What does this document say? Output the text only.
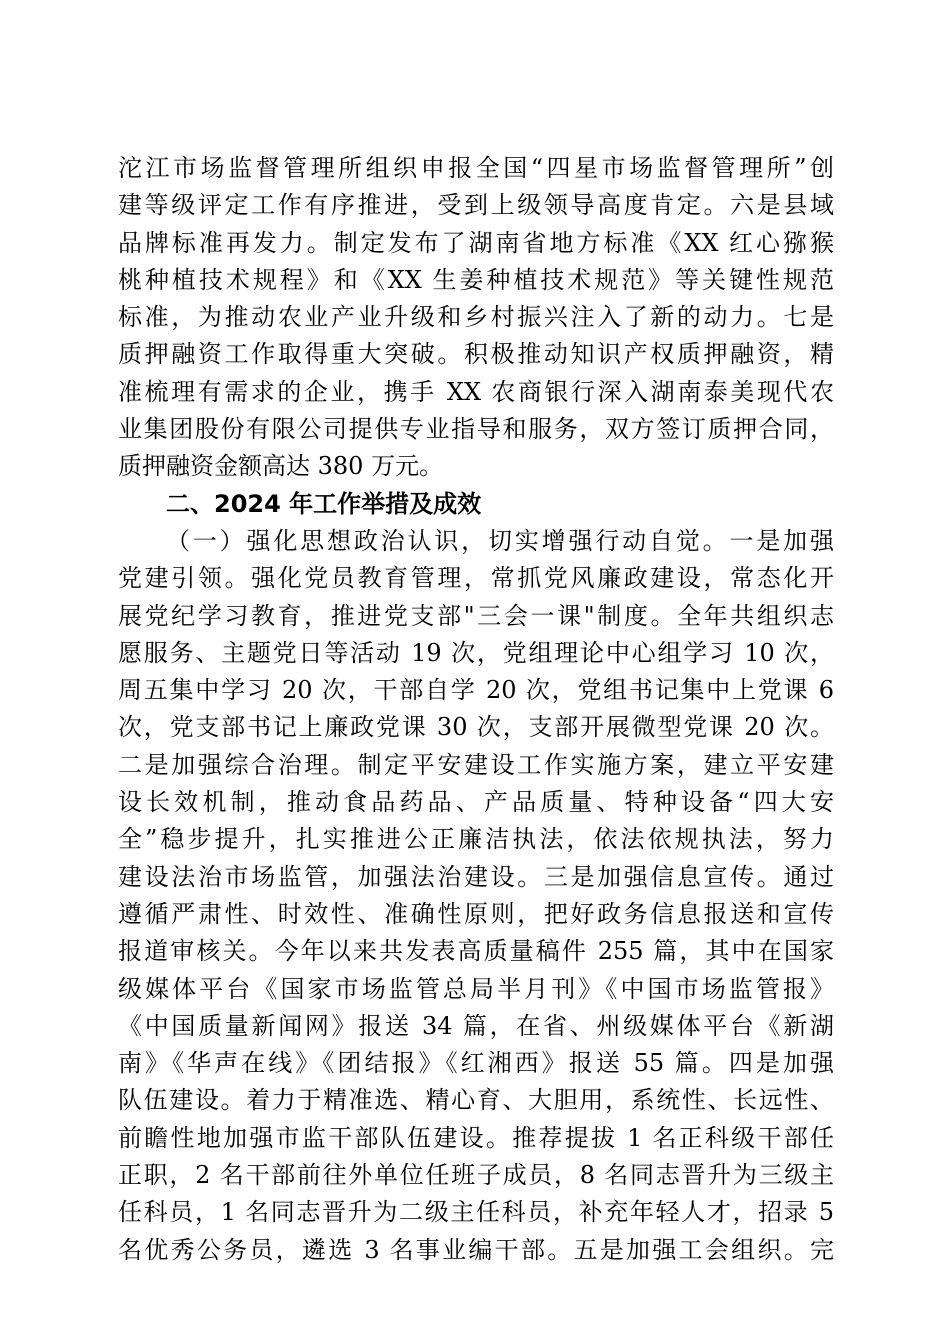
沱江市场监督管理所组织申报全国“四星市场监督管理所”创
建等级评定工作有序推进，受到上级领导高度肯定。六是县域
品牌标准再发力。制定发布了湖南省地方标准《XX 红心猕猴
桃种植技术规程》和《XX 生姜种植技术规范》等关键性规范
标准，为推动农业产业升级和乡村振兴注入了新的动力。七是
质押融资工作取得重大突破。积极推动知识产权质押融资，精
准梳理有需求的企业，携手 XX 农商银行深入湖南泰美现代农
业集团股份有限公司提供专业指导和服务，双方签订质押合同，
质押融资金额高达 380 万元。
二、2024 年工作举措及成效
（一）强化思想政治认识，切实增强行动自觉。一是加强
党建引领。强化党员教育管理，常抓党风廉政建设，常态化开
展党纪学习教育，推进党支部"三会一课"制度。全年共组织志
愿服务、主题党日等活动 19 次，党组理论中心组学习 10 次，
周五集中学习 20 次，干部自学 20 次，党组书记集中上党课 6
次，党支部书记上廉政党课 30 次，支部开展微型党课 20 次。
二是加强综合治理。制定平安建设工作实施方案，建立平安建
设长效机制，推动食品药品、产品质量、特种设备“四大安
全”稳步提升，扎实推进公正廉洁执法，依法依规执法，努力
建设法治市场监管，加强法治建设。三是加强信息宣传。通过
遵循严肃性、时效性、准确性原则，把好政务信息报送和宣传
报道审核关。今年以来共发表高质量稿件 255 篇，其中在国家
级媒体平台《国家市场监管总局半月刊》《中国市场监管报》
《中国质量新闻网》报送 34 篇，在省、州级媒体平台《新湖
南》《华声在线》《团结报》《红湘西》报送 55 篇。四是加强
队伍建设。着力于精准选、精心育、大胆用，系统性、长远性、
前瞻性地加强市监干部队伍建设。推荐提拔 1 名正科级干部任
正职，2 名干部前往外单位任班子成员，8 名同志晋升为三级主
任科员，1 名同志晋升为二级主任科员，补充年轻人才，招录 5
名优秀公务员，遴选 3 名事业编干部。五是加强工会组织。完
